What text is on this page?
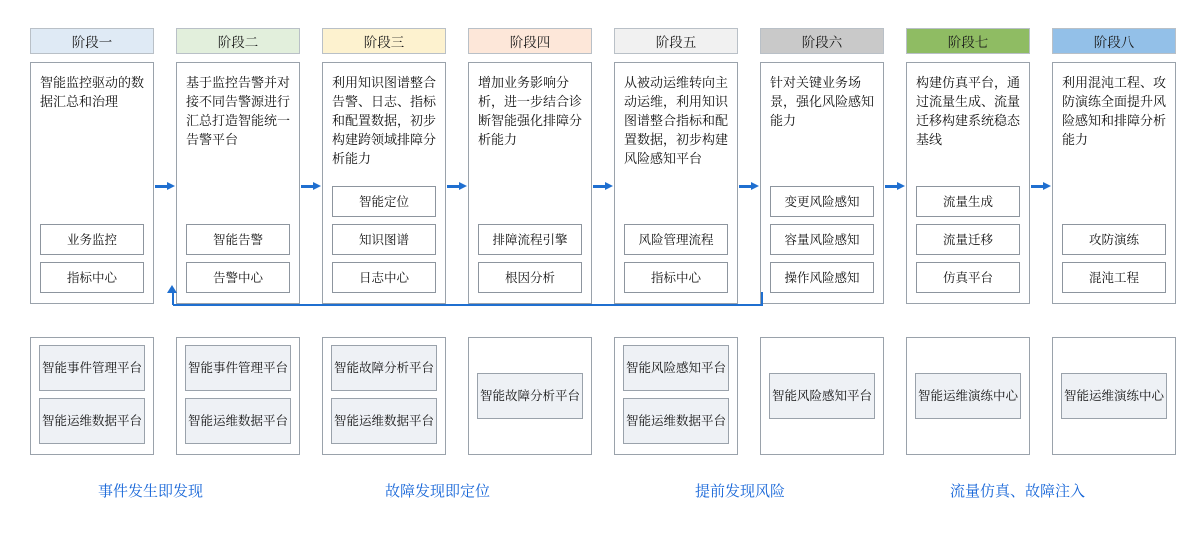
阶段一
智能监控驱动的数据汇总和治理
业务监控
指标中心
阶段二
基于监控告警并对接不同告警源进行汇总打造智能统一告警平台
智能告警
告警中心
阶段三
利用知识图谱整合告警、日志、指标和配置数据，初步构建跨领域排障分析能力
智能定位
知识图谱
日志中心
阶段四
增加业务影响分析，进一步结合诊断智能强化排障分析能力
排障流程引擎
根因分析
阶段五
从被动运维转向主动运维，利用知识图谱整合指标和配置数据，初步构建风险感知平台
风险管理流程
指标中心
阶段六
针对关键业务场景，强化风险感知能力
变更风险感知
容量风险感知
操作风险感知
阶段七
构建仿真平台，通过流量生成、流量迁移构建系统稳态基线
流量生成
流量迁移
仿真平台
阶段八
利用混沌工程、攻防演练全面提升风险感知和排障分析能力
攻防演练
混沌工程
智能事件管理平台
智能运维数据平台
智能事件管理平台
智能运维数据平台
智能故障分析平台
智能运维数据平台
智能故障分析平台
智能风险感知平台
智能运维数据平台
智能风险感知平台	智能运维演练中心	智能运维演练中心
事件发生即发现	故障发现即定位	提前发现风险	流量仿真、故障注入
